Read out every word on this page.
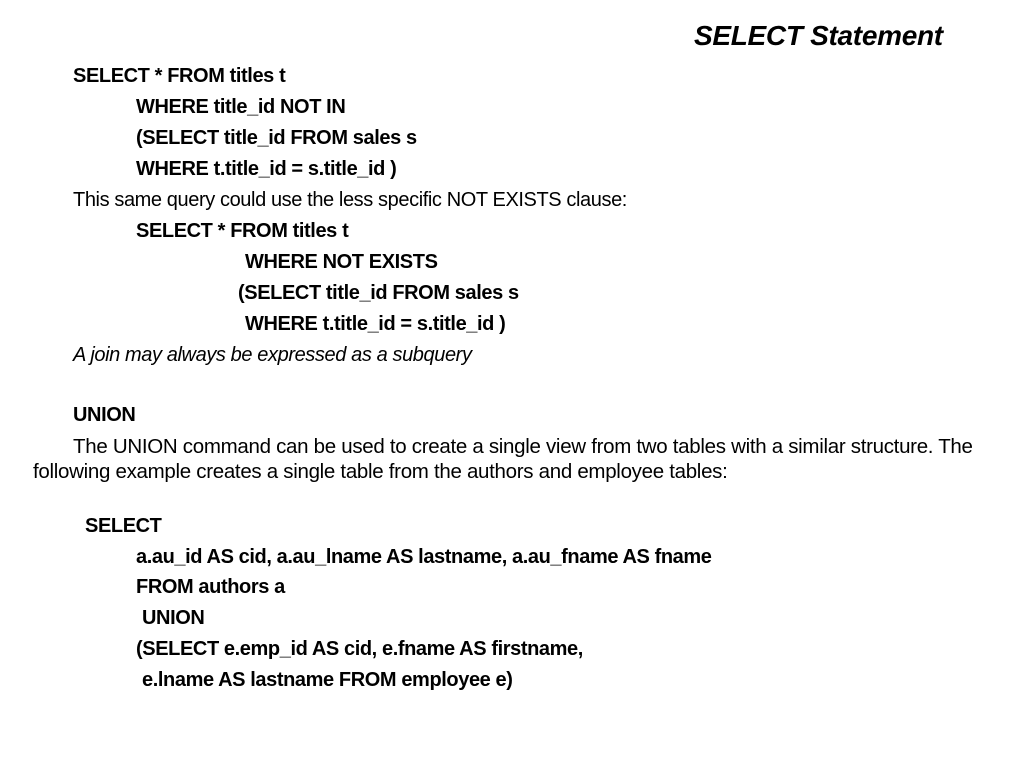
SELECT Statement
SELECT * FROM titles t
WHERE title_id NOT IN
(SELECT title_id FROM sales s
WHERE t.title_id = s.title_id )
This same query could use the less specific NOT EXISTS clause:
SELECT * FROM titles t
WHERE NOT EXISTS
(SELECT title_id FROM sales s
WHERE t.title_id = s.title_id )
A join may always be expressed as a subquery
UNION
The UNION command can be used to create a single view from two tables with a similar structure. The following example creates a single table from the authors and employee tables:
SELECT
a.au_id AS cid, a.au_lname AS lastname, a.au_fname AS fname
FROM authors a
UNION
(SELECT e.emp_id AS cid, e.fname AS firstname,
e.lname AS lastname FROM employee e)
